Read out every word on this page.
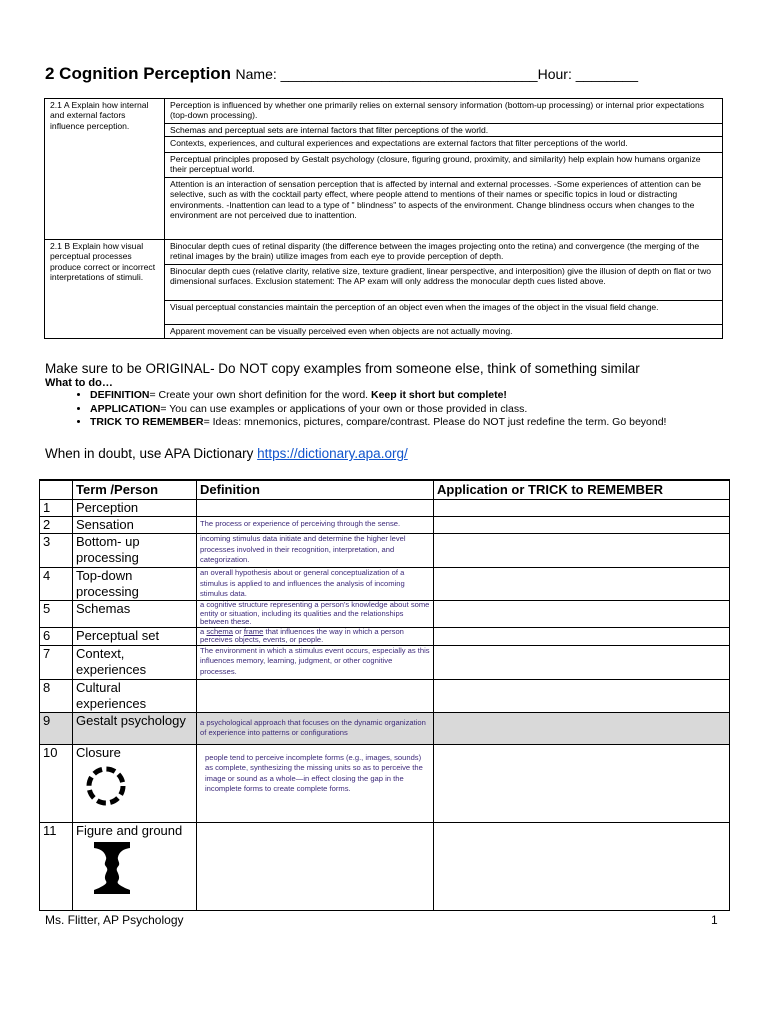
2 Cognition Perception Name: _________________________________Hour: ________
2.1 A Explain how internal and external factors influence perception.	Perception is influenced by whether one primarily relies on external sensory information (bottom-up processing) or internal prior expectations (top-down processing).
	Schemas and perceptual sets are internal factors that filter perceptions of the world.
	Contexts, experiences, and cultural experiences and expectations are external factors that filter perceptions of the world.
	Perceptual principles proposed by Gestalt psychology (closure, figuring ground, proximity, and similarity) help explain how humans organize their perceptual world.
	Attention is an interaction of sensation perception that is affected by internal and external processes. -Some experiences of attention can be selective, such as with the cocktail party effect, where people attend to mentions of their names or specific topics in loud or distracting environments. -Inattention can lead to a type of " blindness" to aspects of the environment. Change blindness occurs when changes to the environment are not perceived due to inattention.
2.1 B Explain how visual perceptual processes produce correct or incorrect interpretations of stimuli.	Binocular depth cues of retinal disparity (the difference between the images projecting onto the retina) and convergence (the merging of the retinal images by the brain) utilize images from each eye to provide perception of depth.
	Binocular depth cues (relative clarity, relative size, texture gradient, linear perspective, and interposition) give the illusion of depth on flat or two dimensional surfaces. Exclusion statement: The AP exam will only address the monocular depth cues listed above.
	Visual perceptual constancies maintain the perception of an object even when the images of the object in the visual field change.
	Apparent movement can be visually perceived even when objects are not actually moving.
Make sure to be ORIGINAL- Do NOT copy examples from someone else, think of something similar
What to do…
• DEFINITION= Create your own short definition for the word. Keep it short but complete!
• APPLICATION= You can use examples or applications of your own or those provided in class.
• TRICK TO REMEMBER= Ideas: mnemonics, pictures, compare/contrast. Please do NOT just redefine the term. Go beyond!
When in doubt, use APA Dictionary https://dictionary.apa.org/
	Term /Person	Definition	Application or TRICK to REMEMBER
1	Perception		
2	Sensation	The process or experience of perceiving through the sense.	
3	Bottom- up processing	incoming stimulus data initiate and determine the higher level processes involved in their recognition, interpretation, and categorization.	
4	Top-down processing	an overall hypothesis about or general conceptualization of a stimulus is applied to and influences the analysis of incoming stimulus data.	
5	Schemas	a cognitive structure representing a person's knowledge about some entity or situation, including its qualities and the relationships between these.	
6	Perceptual set	a schema or frame that influences the way in which a person perceives objects, events, or people.	
7	Context, experiences	The environment in which a stimulus event occurs, especially as this influences memory, learning, judgment, or other cognitive processes.	
8	Cultural experiences		
9	Gestalt psychology	a psychological approach that focuses on the dynamic organization of experience into patterns or configurations	
10	Closure	people tend to perceive incomplete forms (e.g., images, sounds) as complete, synthesizing the missing units so as to perceive the image or sound as a whole—in effect closing the gap in the incomplete forms to create complete forms.	
11	Figure and ground		

Ms. Flitter, AP Psychology	1
